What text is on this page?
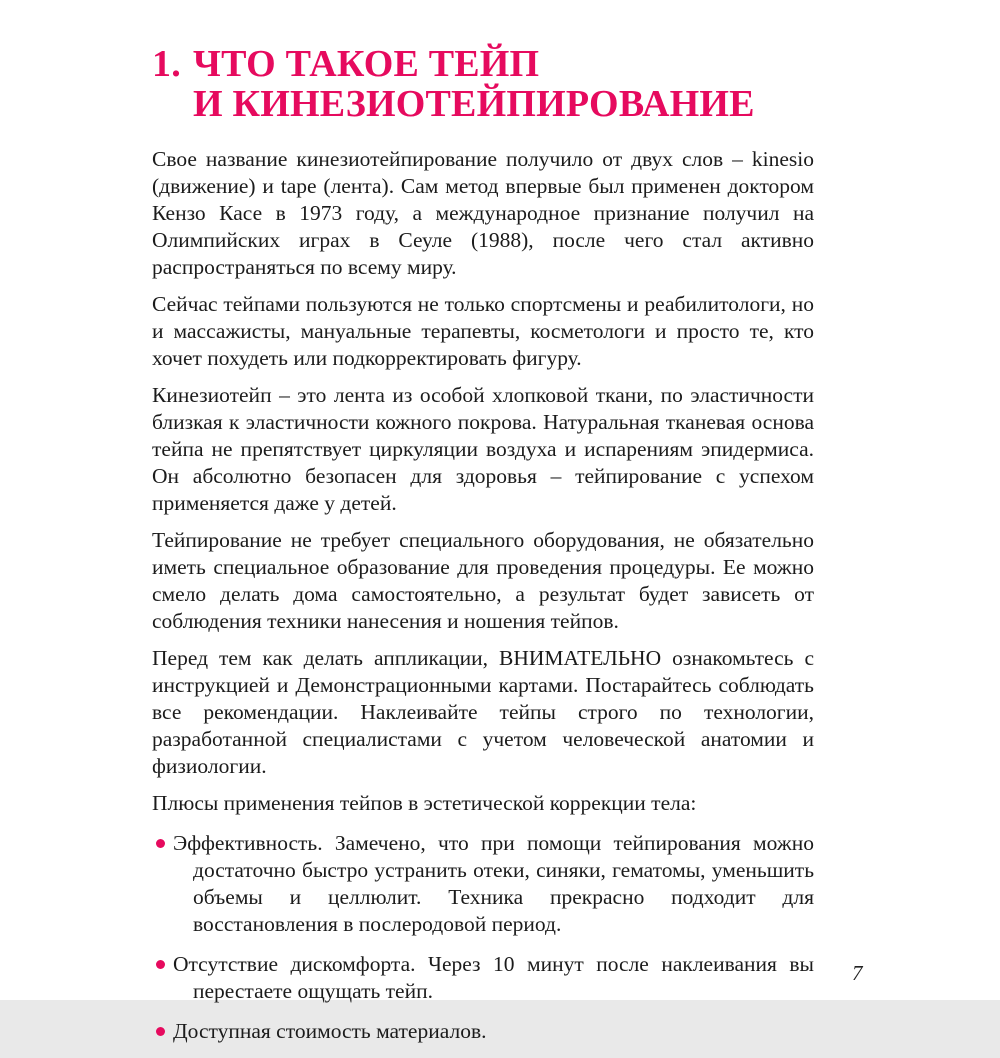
1. ЧТО ТАКОЕ ТЕЙП
И КИНЕЗИОТЕЙПИРОВАНИЕ

Свое название кинезиотейпирование получило от двух слов – kinesio (движение) и tape (лента). Сам метод впервые был применен доктором Кензо Касе в 1973 году, а международное признание получил на Олимпийских играх в Сеуле (1988), после чего стал активно распространяться по всему миру.

Сейчас тейпами пользуются не только спортсмены и реабилитологи, но и массажисты, мануальные терапевты, косметологи и просто те, кто хочет похудеть или подкорректировать фигуру.

Кинезиотейп – это лента из особой хлопковой ткани, по эластичности близкая к эластичности кожного покрова. Натуральная тканевая основа тейпа не препятствует циркуляции воздуха и испарениям эпидермиса. Он абсолютно безопасен для здоровья – тейпирование с успехом применяется даже у детей.

Тейпирование не требует специального оборудования, не обязательно иметь специальное образование для проведения процедуры. Ее можно смело делать дома самостоятельно, а результат будет зависеть от соблюдения техники нанесения и ношения тейпов.

Перед тем как делать аппликации, ВНИМАТЕЛЬНО ознакомьтесь с инструкцией и Демонстрационными картами. Постарайтесь соблюдать все рекомендации. Наклеивайте тейпы строго по технологии, разработанной специалистами с учетом человеческой анатомии и физиологии.

Плюсы применения тейпов в эстетической коррекции тела:

Эффективность. Замечено, что при помощи тейпирования можно достаточно быстро устранить отеки, синяки, гематомы, уменьшить объемы и целлюлит. Техника прекрасно подходит для восстановления в послеродовой период.
Отсутствие дискомфорта. Через 10 минут после наклеивания вы перестаете ощущать тейп.
Доступная стоимость материалов.
7
